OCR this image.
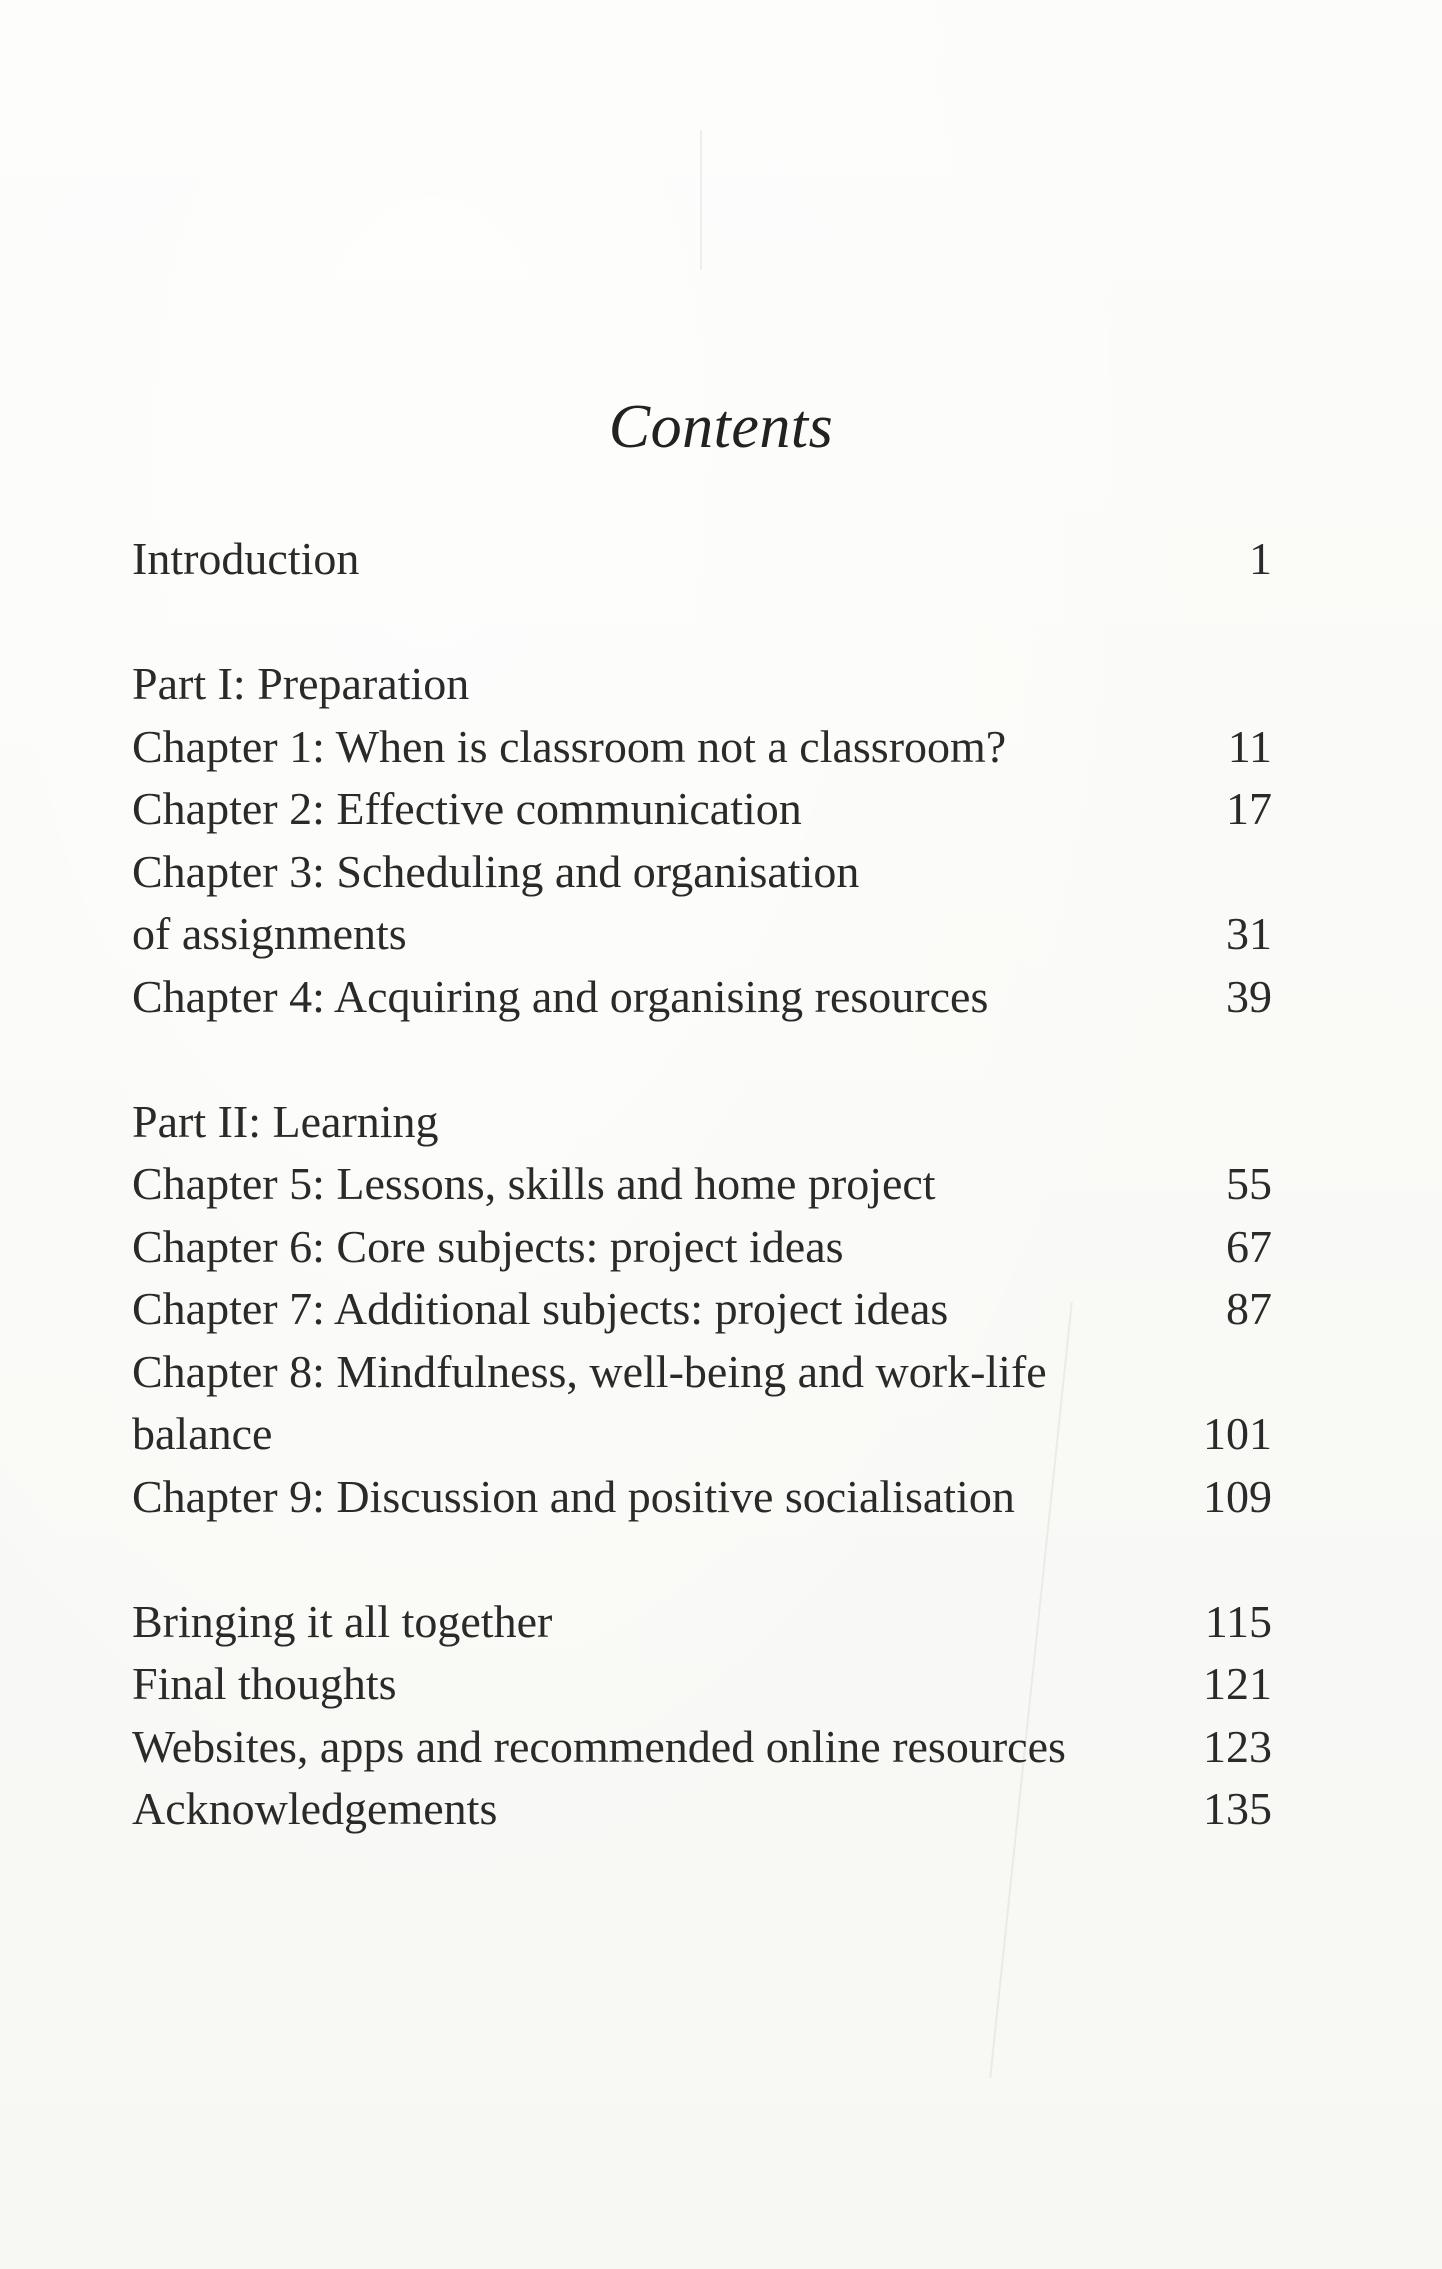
Contents
Introduction	1
Part I: Preparation
Chapter 1: When is classroom not a classroom?	11
Chapter 2: Effective communication	17
Chapter 3: Scheduling and organisation
of assignments	31
Chapter 4: Acquiring and organising resources	39
Part II: Learning
Chapter 5: Lessons, skills and home project	55
Chapter 6: Core subjects: project ideas	67
Chapter 7: Additional subjects: project ideas	87
Chapter 8: Mindfulness, well-being and work-life
balance	101
Chapter 9: Discussion and positive socialisation	109
Bringing it all together	115
Final thoughts	121
Websites, apps and recommended online resources	123
Acknowledgements	135
